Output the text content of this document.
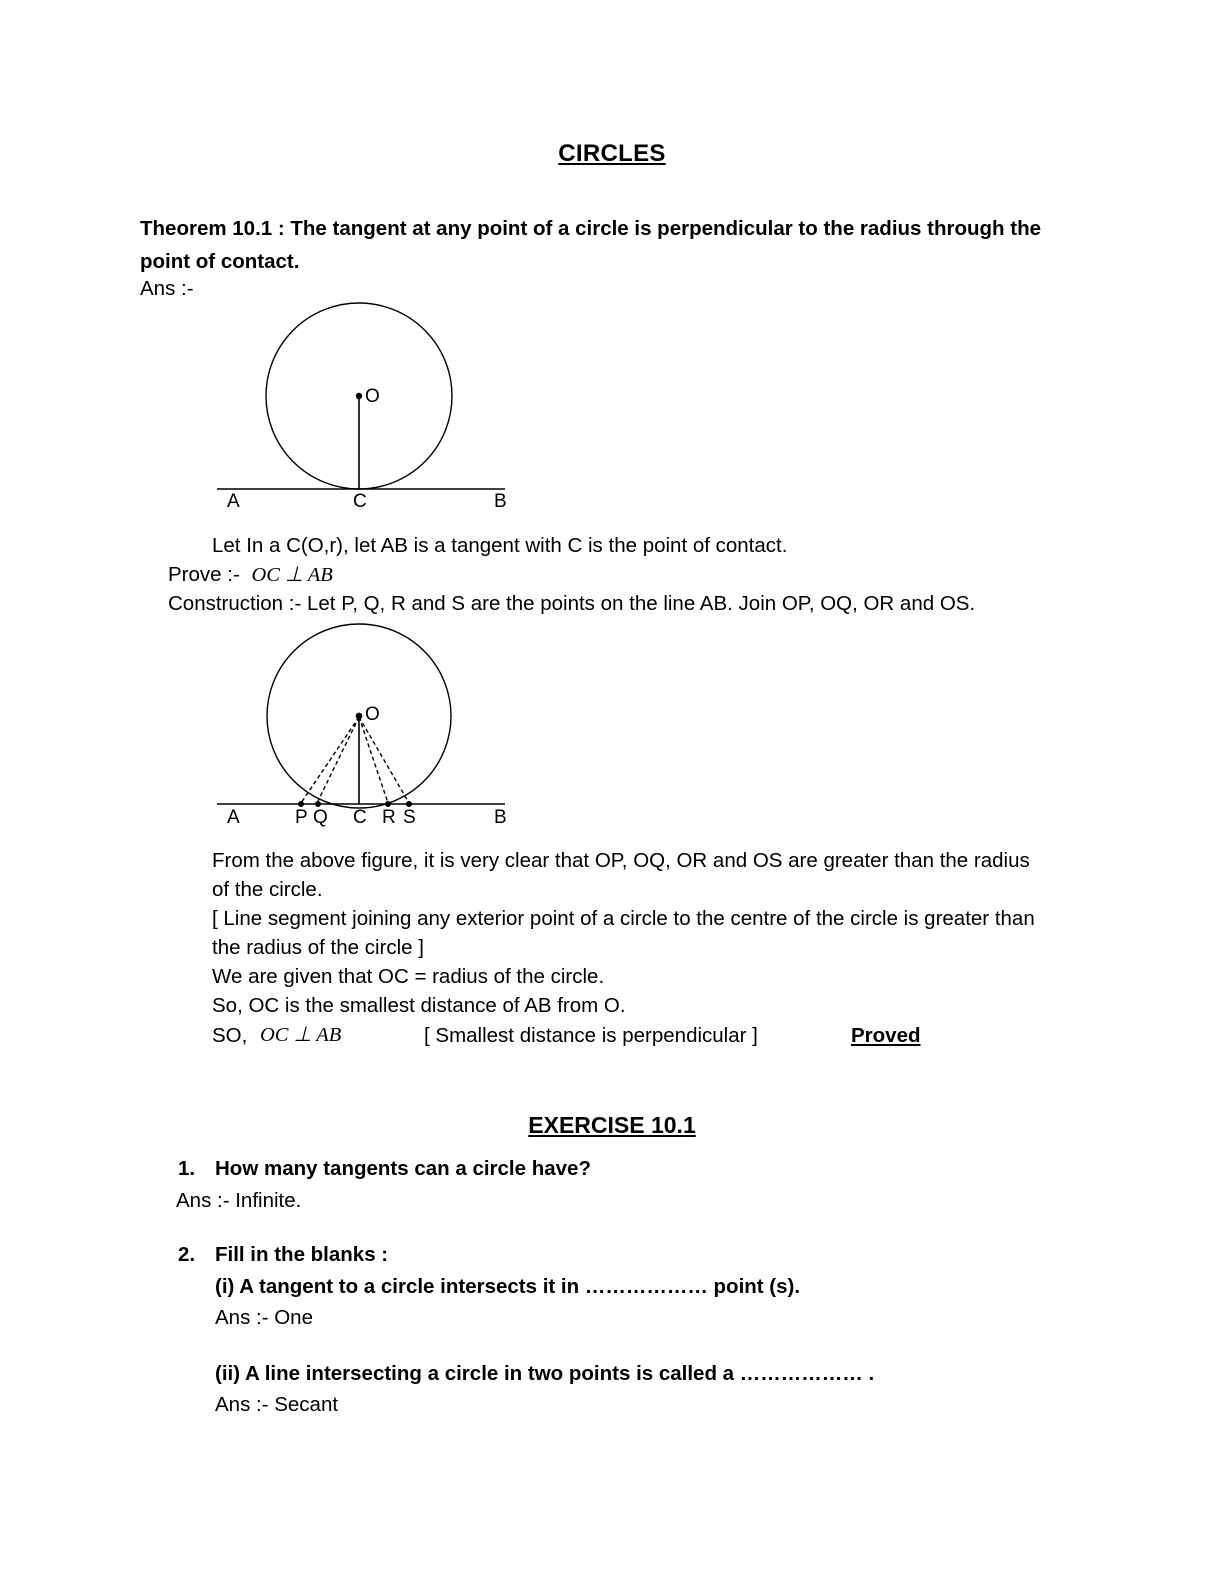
CIRCLES
Theorem 10.1 : The tangent at any point of a circle is perpendicular to the radius through the point of contact.
Ans :-
O
A	C	B
Let In a C(O,r), let AB is a tangent with C is the point of contact.
Prove :- OC ⊥ AB
Construction :- Let P, Q, R and S are the points on the line AB. Join OP, OQ, OR and OS.
O
A	P Q C R S	B
From the above figure, it is very clear that OP, OQ, OR and OS are greater than the radius of the circle.
[ Line segment joining any exterior point of a circle to the centre of the circle is greater than the radius of the circle ]
We are given that OC = radius of the circle.
So, OC is the smallest distance of AB from O.
SO, OC ⊥ AB	[ Smallest distance is perpendicular ]	Proved
EXERCISE 10.1
1. How many tangents can a circle have?
Ans :- Infinite.
2. Fill in the blanks :
(i) A tangent to a circle intersects it in ……………… point (s).
Ans :- One
(ii) A line intersecting a circle in two points is called a ……………… .
Ans :- Secant
